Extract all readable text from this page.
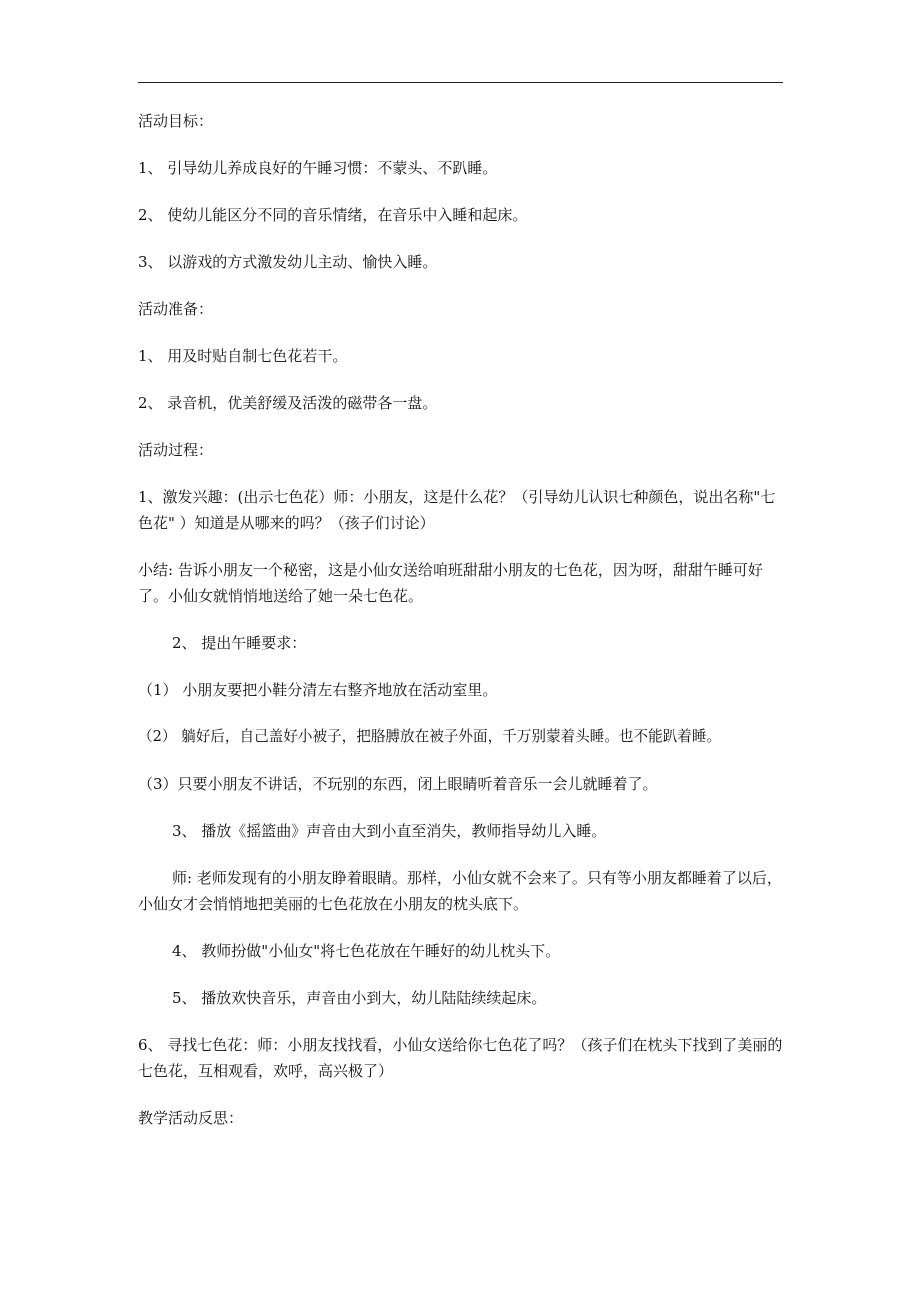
活动目标：

1、 引导幼儿养成良好的午睡习惯：不蒙头、不趴睡。

2、 使幼儿能区分不同的音乐情绪，在音乐中入睡和起床。

3、 以游戏的方式激发幼儿主动、愉快入睡。

活动准备：

1、 用及时贴自制七色花若干。

2、 录音机，优美舒缓及活泼的磁带各一盘。

活动过程：

1、激发兴趣：(出示七色花）师：小朋友，这是什么花？（引导幼儿认识七种颜色，说出名称"七色花" ）知道是从哪来的吗？（孩子们讨论）

小结: 告诉小朋友一个秘密，这是小仙女送给咱班甜甜小朋友的七色花，因为呀，甜甜午睡可好了。小仙女就悄悄地送给了她一朵七色花。

2、 提出午睡要求：

（1） 小朋友要把小鞋分清左右整齐地放在活动室里。

（2） 躺好后，自己盖好小被子，把胳膊放在被子外面，千万别蒙着头睡。也不能趴着睡。

（3）只要小朋友不讲话，不玩别的东西，闭上眼睛听着音乐一会儿就睡着了。

3、 播放《摇篮曲》声音由大到小直至消失，教师指导幼儿入睡。

师: 老师发现有的小朋友睁着眼睛。那样，小仙女就不会来了。只有等小朋友都睡着了以后，小仙女才会悄悄地把美丽的七色花放在小朋友的枕头底下。

4、 教师扮做"小仙女"将七色花放在午睡好的幼儿枕头下。

5、 播放欢快音乐，声音由小到大，幼儿陆陆续续起床。

6、 寻找七色花：师：小朋友找找看，小仙女送给你七色花了吗？（孩子们在枕头下找到了美丽的七色花，互相观看，欢呼，高兴极了）

教学活动反思：
